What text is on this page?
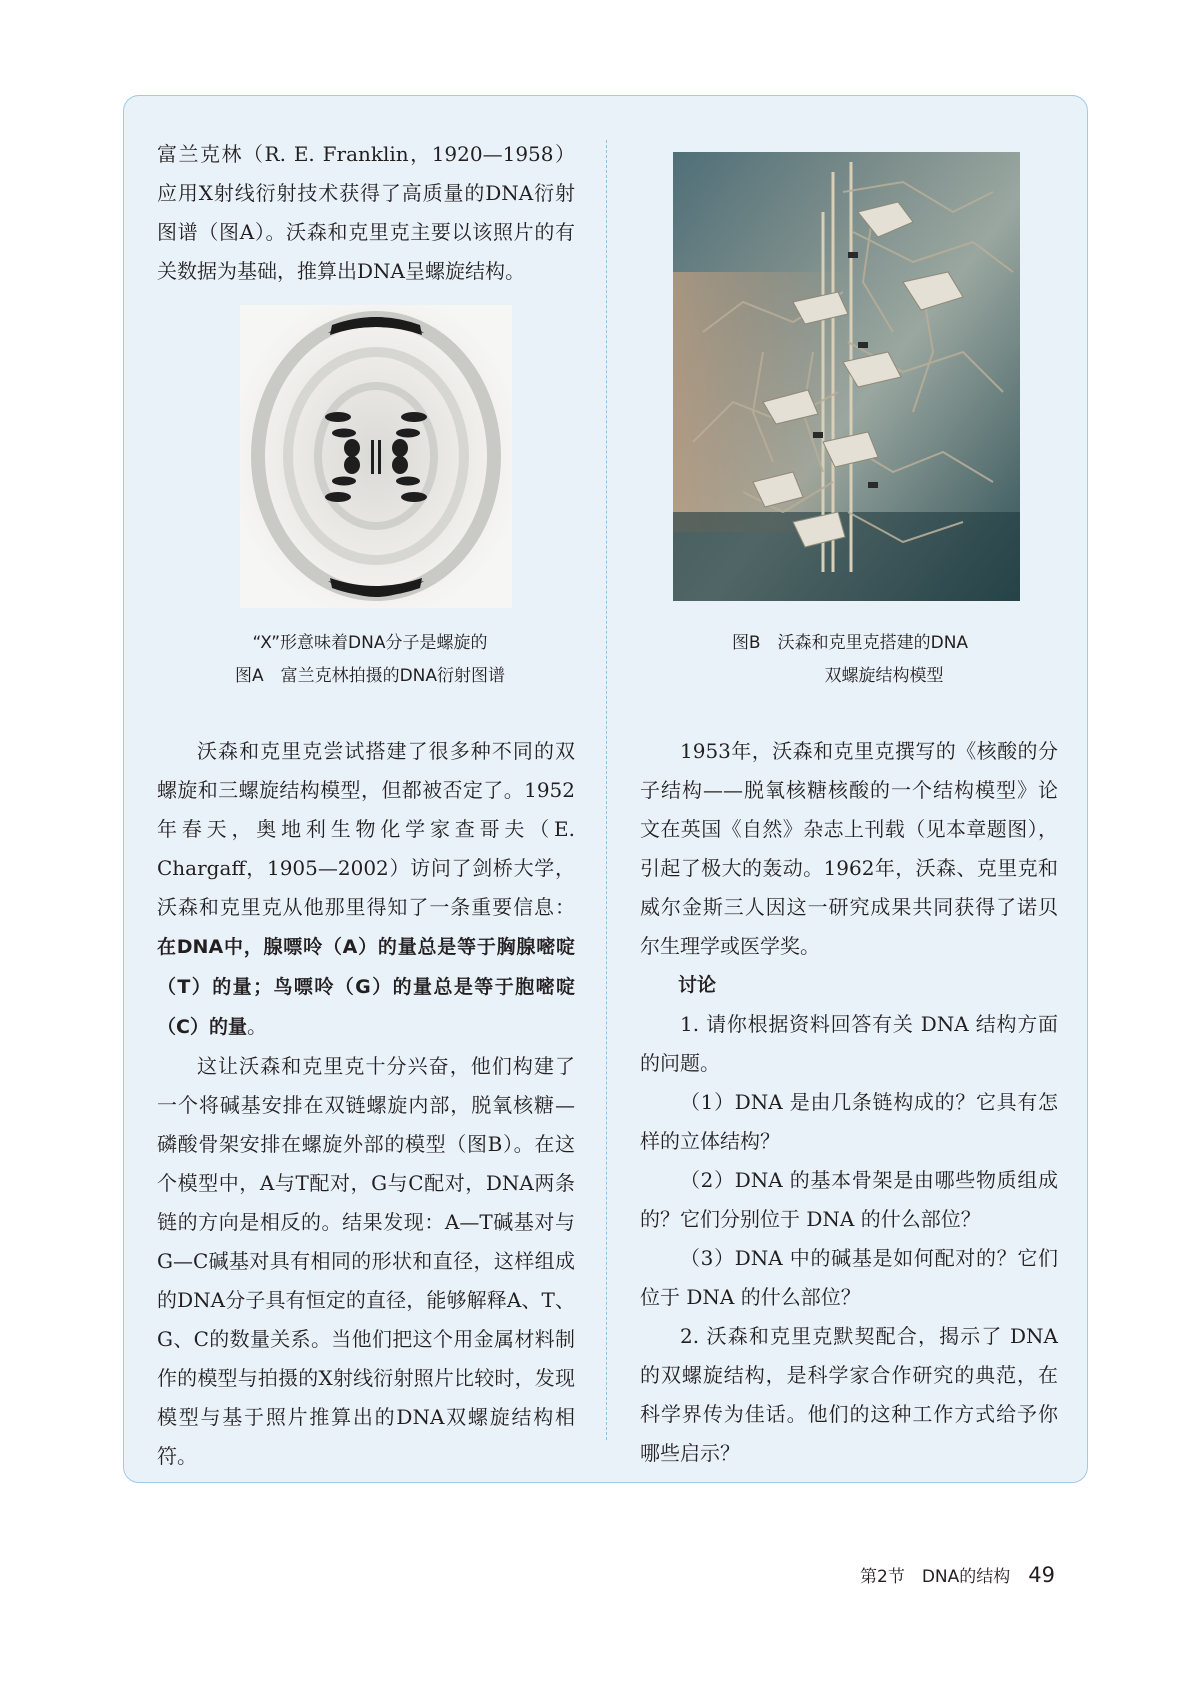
富兰克林（R. E. Franklin，1920—1958）应用X射线衍射技术获得了高质量的DNA衍射图谱（图A）。沃森和克里克主要以该照片的有关数据为基础，推算出DNA呈螺旋结构。

“X”形意味着DNA分子是螺旋的
图A　富兰克林拍摄的DNA衍射图谱
图B　沃森和克里克搭建的DNA
双螺旋结构模型

沃森和克里克尝试搭建了很多种不同的双螺旋和三螺旋结构模型，但都被否定了。1952年春天，奥地利生物化学家查哥夫（E. Chargaff，1905—2002）访问了剑桥大学，沃森和克里克从他那里得知了一条重要信息：在DNA中，腺嘌呤（A）的量总是等于胸腺嘧啶（T）的量；鸟嘌呤（G）的量总是等于胞嘧啶（C）的量。

这让沃森和克里克十分兴奋，他们构建了一个将碱基安排在双链螺旋内部，脱氧核糖—磷酸骨架安排在螺旋外部的模型（图B）。在这个模型中，A与T配对，G与C配对，DNA两条链的方向是相反的。结果发现：A—T碱基对与G—C碱基对具有相同的形状和直径，这样组成的DNA分子具有恒定的直径，能够解释A、T、G、C的数量关系。当他们把这个用金属材料制作的模型与拍摄的X射线衍射照片比较时，发现模型与基于照片推算出的DNA双螺旋结构相符。

1953年，沃森和克里克撰写的《核酸的分子结构——脱氧核糖核酸的一个结构模型》论文在英国《自然》杂志上刊载（见本章题图），引起了极大的轰动。1962年，沃森、克里克和威尔金斯三人因这一研究成果共同获得了诺贝尔生理学或医学奖。

讨论

1. 请你根据资料回答有关 DNA 结构方面的问题。

（1）DNA 是由几条链构成的？它具有怎样的立体结构？

（2）DNA 的基本骨架是由哪些物质组成的？它们分别位于 DNA 的什么部位？

（3）DNA 中的碱基是如何配对的？它们位于 DNA 的什么部位？

2. 沃森和克里克默契配合，揭示了 DNA 的双螺旋结构，是科学家合作研究的典范，在科学界传为佳话。他们的这种工作方式给予你哪些启示？

第2节　DNA的结构 49
